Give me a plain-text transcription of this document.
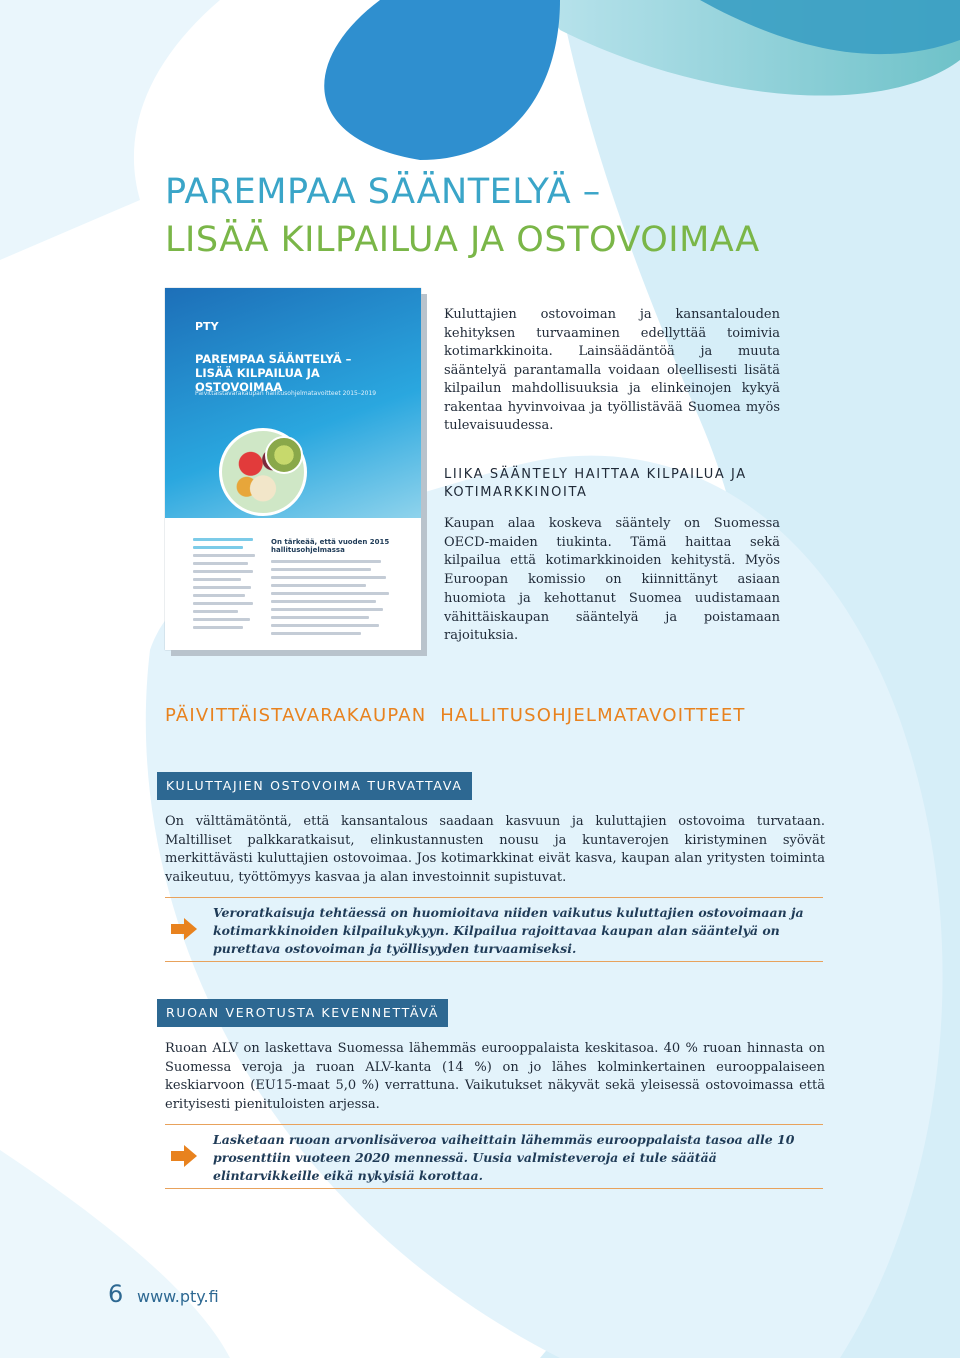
PAREMPAA SÄÄNTELYÄ –
LISÄÄ KILPAILUA JA OSTOVOIMAA
PTY
PAREMPAA SÄÄNTELYÄ –
LISÄÄ KILPAILUA JA OSTOVOIMAA
Päivittäistavarakaupan hallitusohjelmatavoitteet 2015–2019
On tärkeää, että vuoden 2015 hallitusohjelmassa
Kuluttajien ostovoiman ja kansantalouden kehityksen turvaaminen edellyttää toimivia kotimarkkinoita. Lainsäädäntöä ja muuta sääntelyä parantamalla voidaan oleellisesti lisätä kilpailun mahdollisuuksia ja elinkeinojen kykyä rakentaa hyvinvoivaa ja työllistävää Suomea myös tulevaisuudessa.
LIIKA SÄÄNTELY HAITTAA KILPAILUA JA KOTIMARKKINOITA
Kaupan alaa koskeva sääntely on Suomessa OECD-maiden tiukinta. Tämä haittaa sekä kilpailua että kotimarkkinoiden kehitystä. Myös Euroopan komissio on kiinnittänyt asiaan huomiota ja kehottanut Suomea uudistamaan vähittäiskaupan sääntelyä ja poistamaan rajoituksia.
PÄIVITTÄISTAVARAKAUPAN  HALLITUSOHJELMATAVOITTEET
KULUTTAJIEN OSTOVOIMA TURVATTAVA
On välttämätöntä, että kansantalous saadaan kasvuun ja kuluttajien ostovoima turvataan. Maltilliset palkkaratkaisut, elinkustannusten nousu ja kuntaverojen kiristyminen syövät merkittävästi kuluttajien ostovoimaa. Jos kotimarkkinat eivät kasva, kaupan alan yritysten toiminta vaikeutuu, työttömyys kasvaa ja alan investoinnit supistuvat.
Veroratkaisuja tehtäessä on huomioitava niiden vaikutus kuluttajien ostovoimaan ja kotimarkkinoiden kilpailukykyyn. Kilpailua rajoittavaa kaupan alan sääntelyä on purettava ostovoiman ja työllisyyden turvaamiseksi.
RUOAN VEROTUSTA KEVENNETTÄVÄ
Ruoan ALV on laskettava Suomessa lähemmäs eurooppalaista keskitasoa. 40 % ruoan hinnasta on Suomessa veroja ja ruoan ALV-kanta (14 %) on jo lähes kolminkertainen eurooppalaiseen keskiarvoon (EU15-maat 5,0 %) verrattuna. Vaikutukset näkyvät sekä yleisessä ostovoimassa että erityisesti pienituloisten arjessa.
Lasketaan ruoan arvonlisäveroa vaiheittain lähemmäs eurooppalaista tasoa alle 10 prosenttiin vuoteen 2020 mennessä. Uusia valmisteveroja ei tule säätää elintarvikkeille eikä nykyisiä korottaa.
6 www.pty.fi
